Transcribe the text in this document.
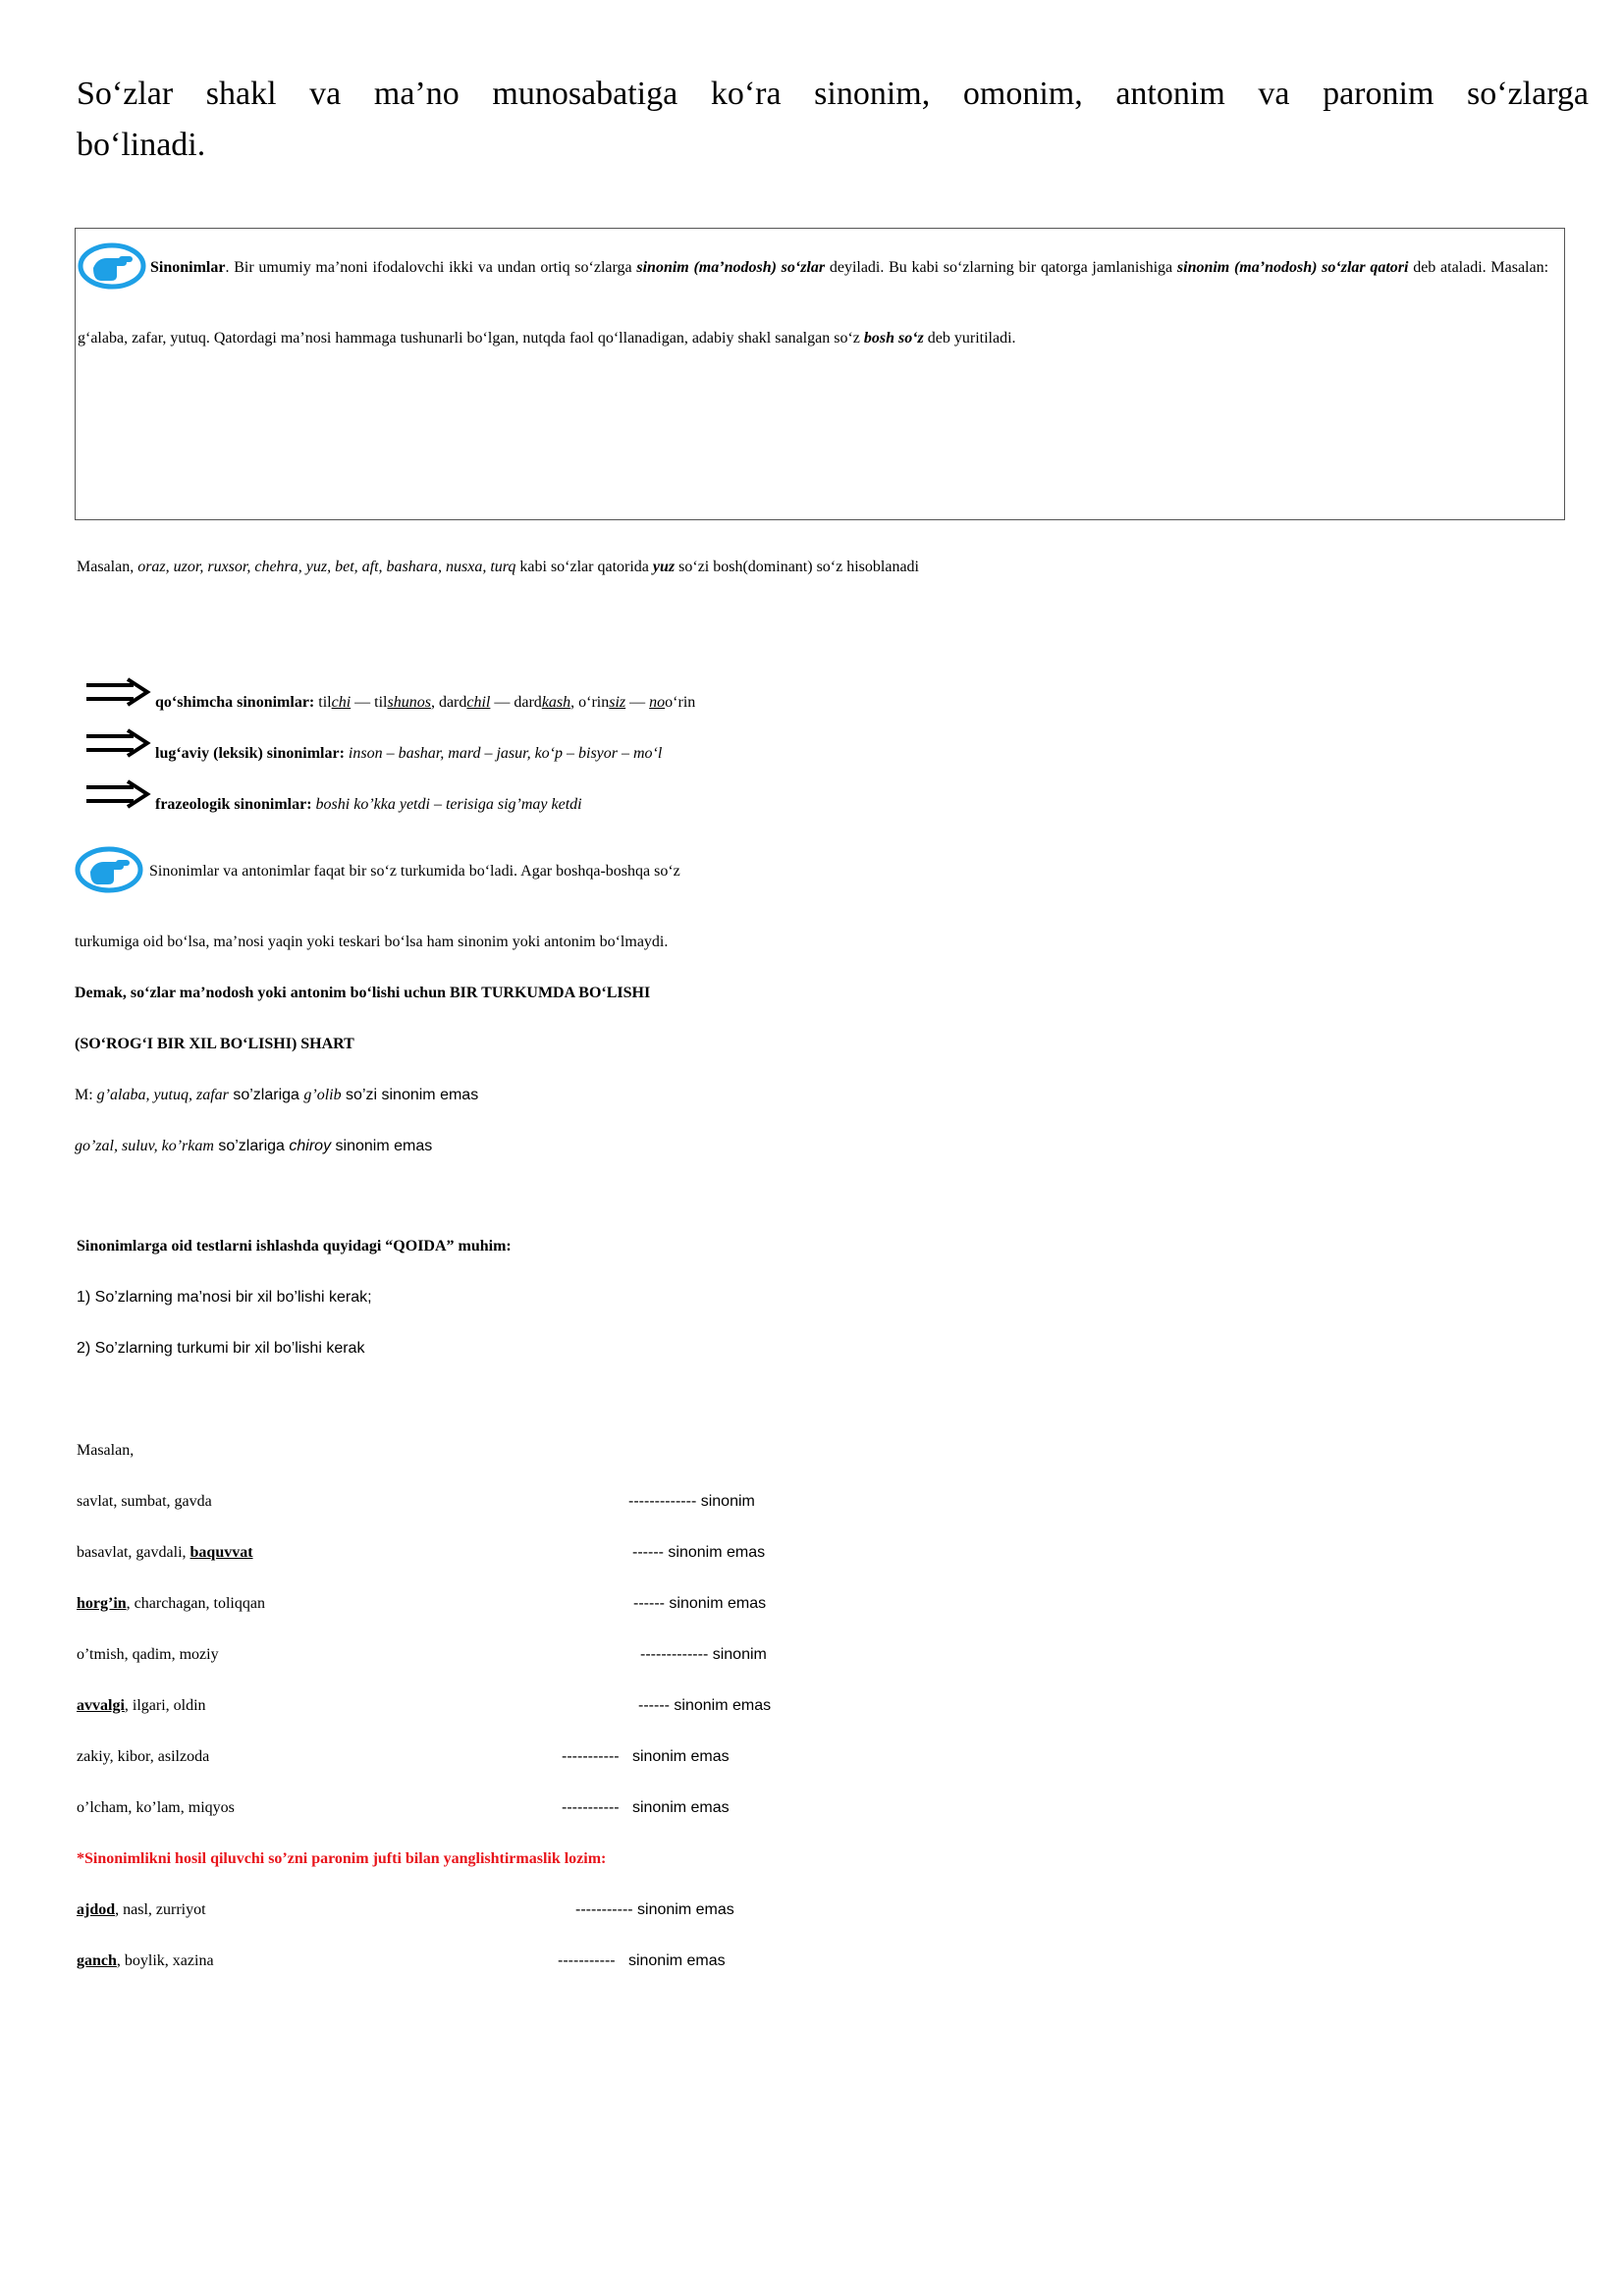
So‘zlar shakl va ma’no munosabatiga ko‘ra sinonim, omonim, antonim va paronim so‘zlarga

bo‘linadi.

Sinonimlar. Bir umumiy ma’noni ifodalovchi ikki va undan ortiq so‘zlarga sinonim (ma’nodosh) so‘zlar deyiladi. Bu kabi so‘zlarning bir qatorga jamlanishiga sinonim (ma’nodosh) so‘zlar qatori deb ataladi. Masalan: g‘alaba, zafar, yutuq. Qatordagi ma’nosi hammaga tushunarli bo‘lgan, nutqda faol qo‘llanadigan, adabiy shakl sanalgan so‘z bosh so‘z deb yuritiladi.

Masalan, oraz, uzor, ruxsor, chehra, yuz, bet, aft, bashara, nusxa, turq kabi so‘zlar qatorida yuz so‘zi bosh(dominant) so‘z hisoblanadi

qo‘shimcha sinonimlar: tilchi — tilshunos, dardchil — dardkash, o‘rinsiz — noo‘rin
lug‘aviy (leksik) sinonimlar: inson – bashar, mard – jasur, ko‘p – bisyor – mo‘l
frazeologik sinonimlar: boshi ko’kka yetdi – terisiga sig’may ketdi

Sinonimlar va antonimlar faqat bir so‘z turkumida bo‘ladi. Agar boshqa-boshqa so‘z

turkumiga oid bo‘lsa, ma’nosi yaqin yoki teskari bo‘lsa ham sinonim yoki antonim bo‘lmaydi.

Demak, so‘zlar ma’nodosh yoki antonim bo‘lishi uchun BIR TURKUMDA BO‘LISHI

(SO‘ROG‘I BIR XIL BO‘LISHI) SHART

M: g’alaba, yutuq, zafar so’zlariga g’olib so’zi sinonim emas

go’zal, suluv, ko’rkam so’zlariga chiroy sinonim emas

Sinonimlarga oid testlarni ishlashda quyidagi “QOIDA” muhim:

1) So’zlarning ma’nosi bir xil bo’lishi kerak;

2) So’zlarning turkumi bir xil bo’lishi kerak

Masalan,
savlat, sumbat, gavda	------------- sinonim
basavlat, gavdali, baquvvat	------ sinonim emas
horg’in, charchagan, toliqqan	------ sinonim emas
o’tmish, qadim, moziy	------------- sinonim
avvalgi, ilgari, oldin	------ sinonim emas
zakiy, kibor, asilzoda	-----------   sinonim emas
o’lcham, ko’lam, miqyos	-----------   sinonim emas
*Sinonimlikni hosil qiluvchi so’zni paronim jufti bilan yanglishtirmaslik lozim:
ajdod, nasl, zurriyot	----------- sinonim emas
ganch, boylik, xazina	-----------   sinonim emas
